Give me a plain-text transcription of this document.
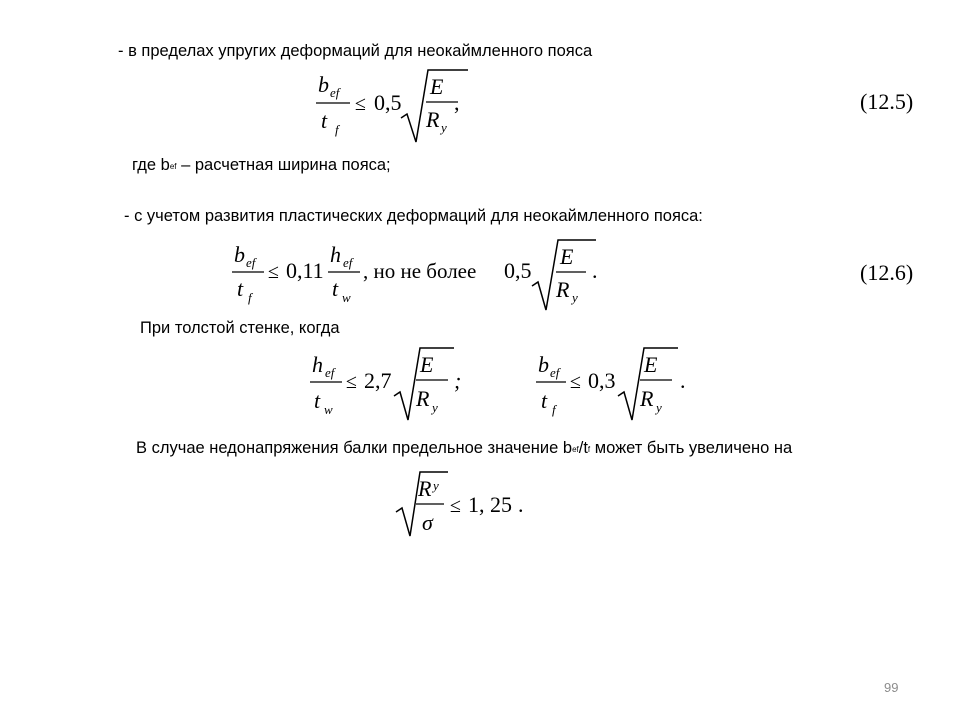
- в пределах упругих деформаций для неокаймленного пояса
b ef
t f
≤ 0,5
E
R y
,	(12.5)
где bef – расчетная ширина пояса;
- с учетом развития пластических деформаций для неокаймленного пояса:
b ef
t f
≤ 0,11
h ef
t w
, но не более 0,5
E
R y
.	(12.6)
При толстой стенке, когда
h ef
t w
≤ 2,7
E
R y
;
b ef
t f
≤ 0,3
E
R y
.
В случае недонапряжения балки предельное значение bef/tf может быть увеличено на
R y
σ
≤ 1, 25 .
99
